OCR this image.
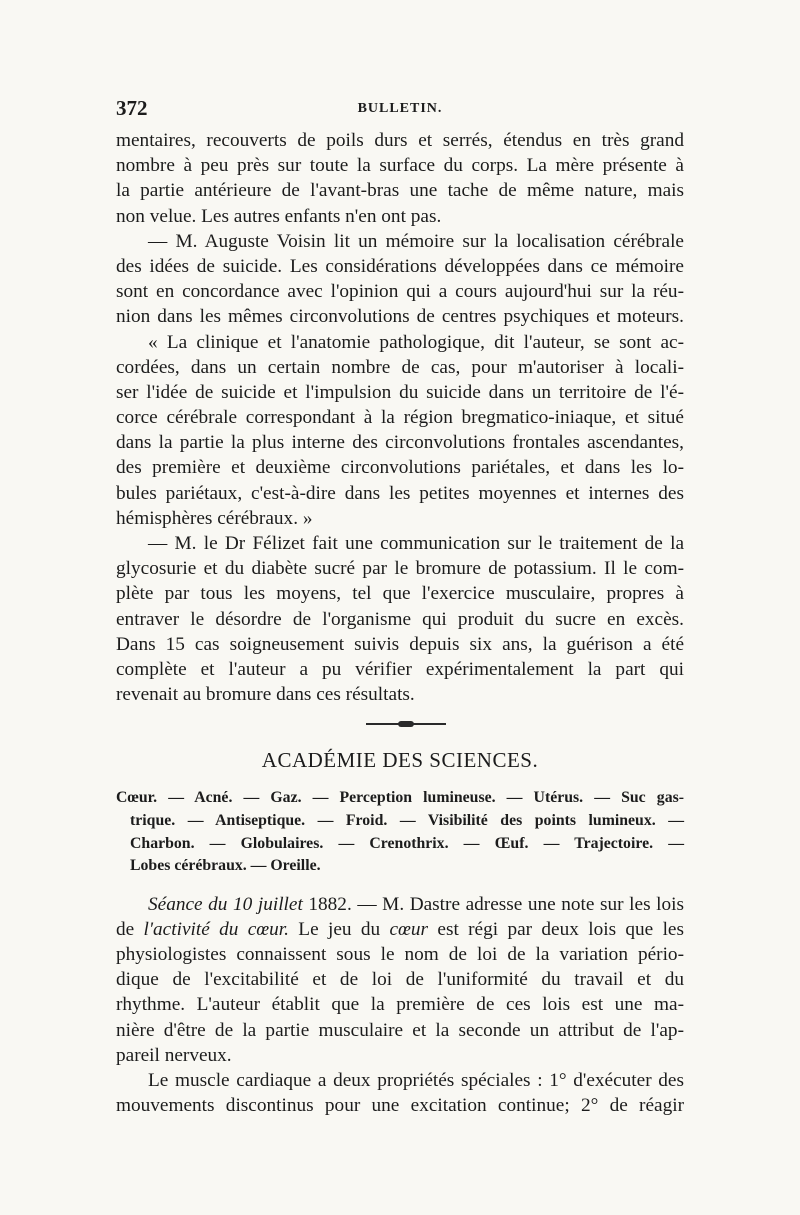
372	BULLETIN.
mentaires, recouverts de poils durs et serrés, étendus en très grand
nombre à peu près sur toute la surface du corps. La mère présente à
la partie antérieure de l'avant-bras une tache de même nature, mais
non velue. Les autres enfants n'en ont pas.
— M. Auguste Voisin lit un mémoire sur la localisation cérébrale
des idées de suicide. Les considérations développées dans ce mémoire
sont en concordance avec l'opinion qui a cours aujourd'hui sur la réu-
nion dans les mêmes circonvolutions de centres psychiques et moteurs.
« La clinique et l'anatomie pathologique, dit l'auteur, se sont ac-
cordées, dans un certain nombre de cas, pour m'autoriser à locali-
ser l'idée de suicide et l'impulsion du suicide dans un territoire de l'é-
corce cérébrale correspondant à la région bregmatico-iniaque, et situé
dans la partie la plus interne des circonvolutions frontales ascendantes,
des première et deuxième circonvolutions pariétales, et dans les lo-
bules pariétaux, c'est-à-dire dans les petites moyennes et internes des
hémisphères cérébraux. »
— M. le Dr Félizet fait une communication sur le traitement de la
glycosurie et du diabète sucré par le bromure de potassium. Il le com-
plète par tous les moyens, tel que l'exercice musculaire, propres à
entraver le désordre de l'organisme qui produit du sucre en excès.
Dans 15 cas soigneusement suivis depuis six ans, la guérison a été
complète et l'auteur a pu vérifier expérimentalement la part qui
revenait au bromure dans ces résultats.
ACADÉMIE DES SCIENCES.
Cœur. — Acné. — Gaz. — Perception lumineuse. — Utérus. — Suc gas-
trique. — Antiseptique. — Froid. — Visibilité des points lumineux. —
Charbon. — Globulaires. — Crenothrix. — Œuf. — Trajectoire. —
Lobes cérébraux. — Oreille.
Séance du 10 juillet 1882. — M. Dastre adresse une note sur les lois
de l'activité du cœur. Le jeu du cœur est régi par deux lois que les
physiologistes connaissent sous le nom de loi de la variation pério-
dique de l'excitabilité et de loi de l'uniformité du travail et du
rhythme. L'auteur établit que la première de ces lois est une ma-
nière d'être de la partie musculaire et la seconde un attribut de l'ap-
pareil nerveux.
Le muscle cardiaque a deux propriétés spéciales : 1° d'exécuter des
mouvements discontinus pour une excitation continue; 2° de réagir
